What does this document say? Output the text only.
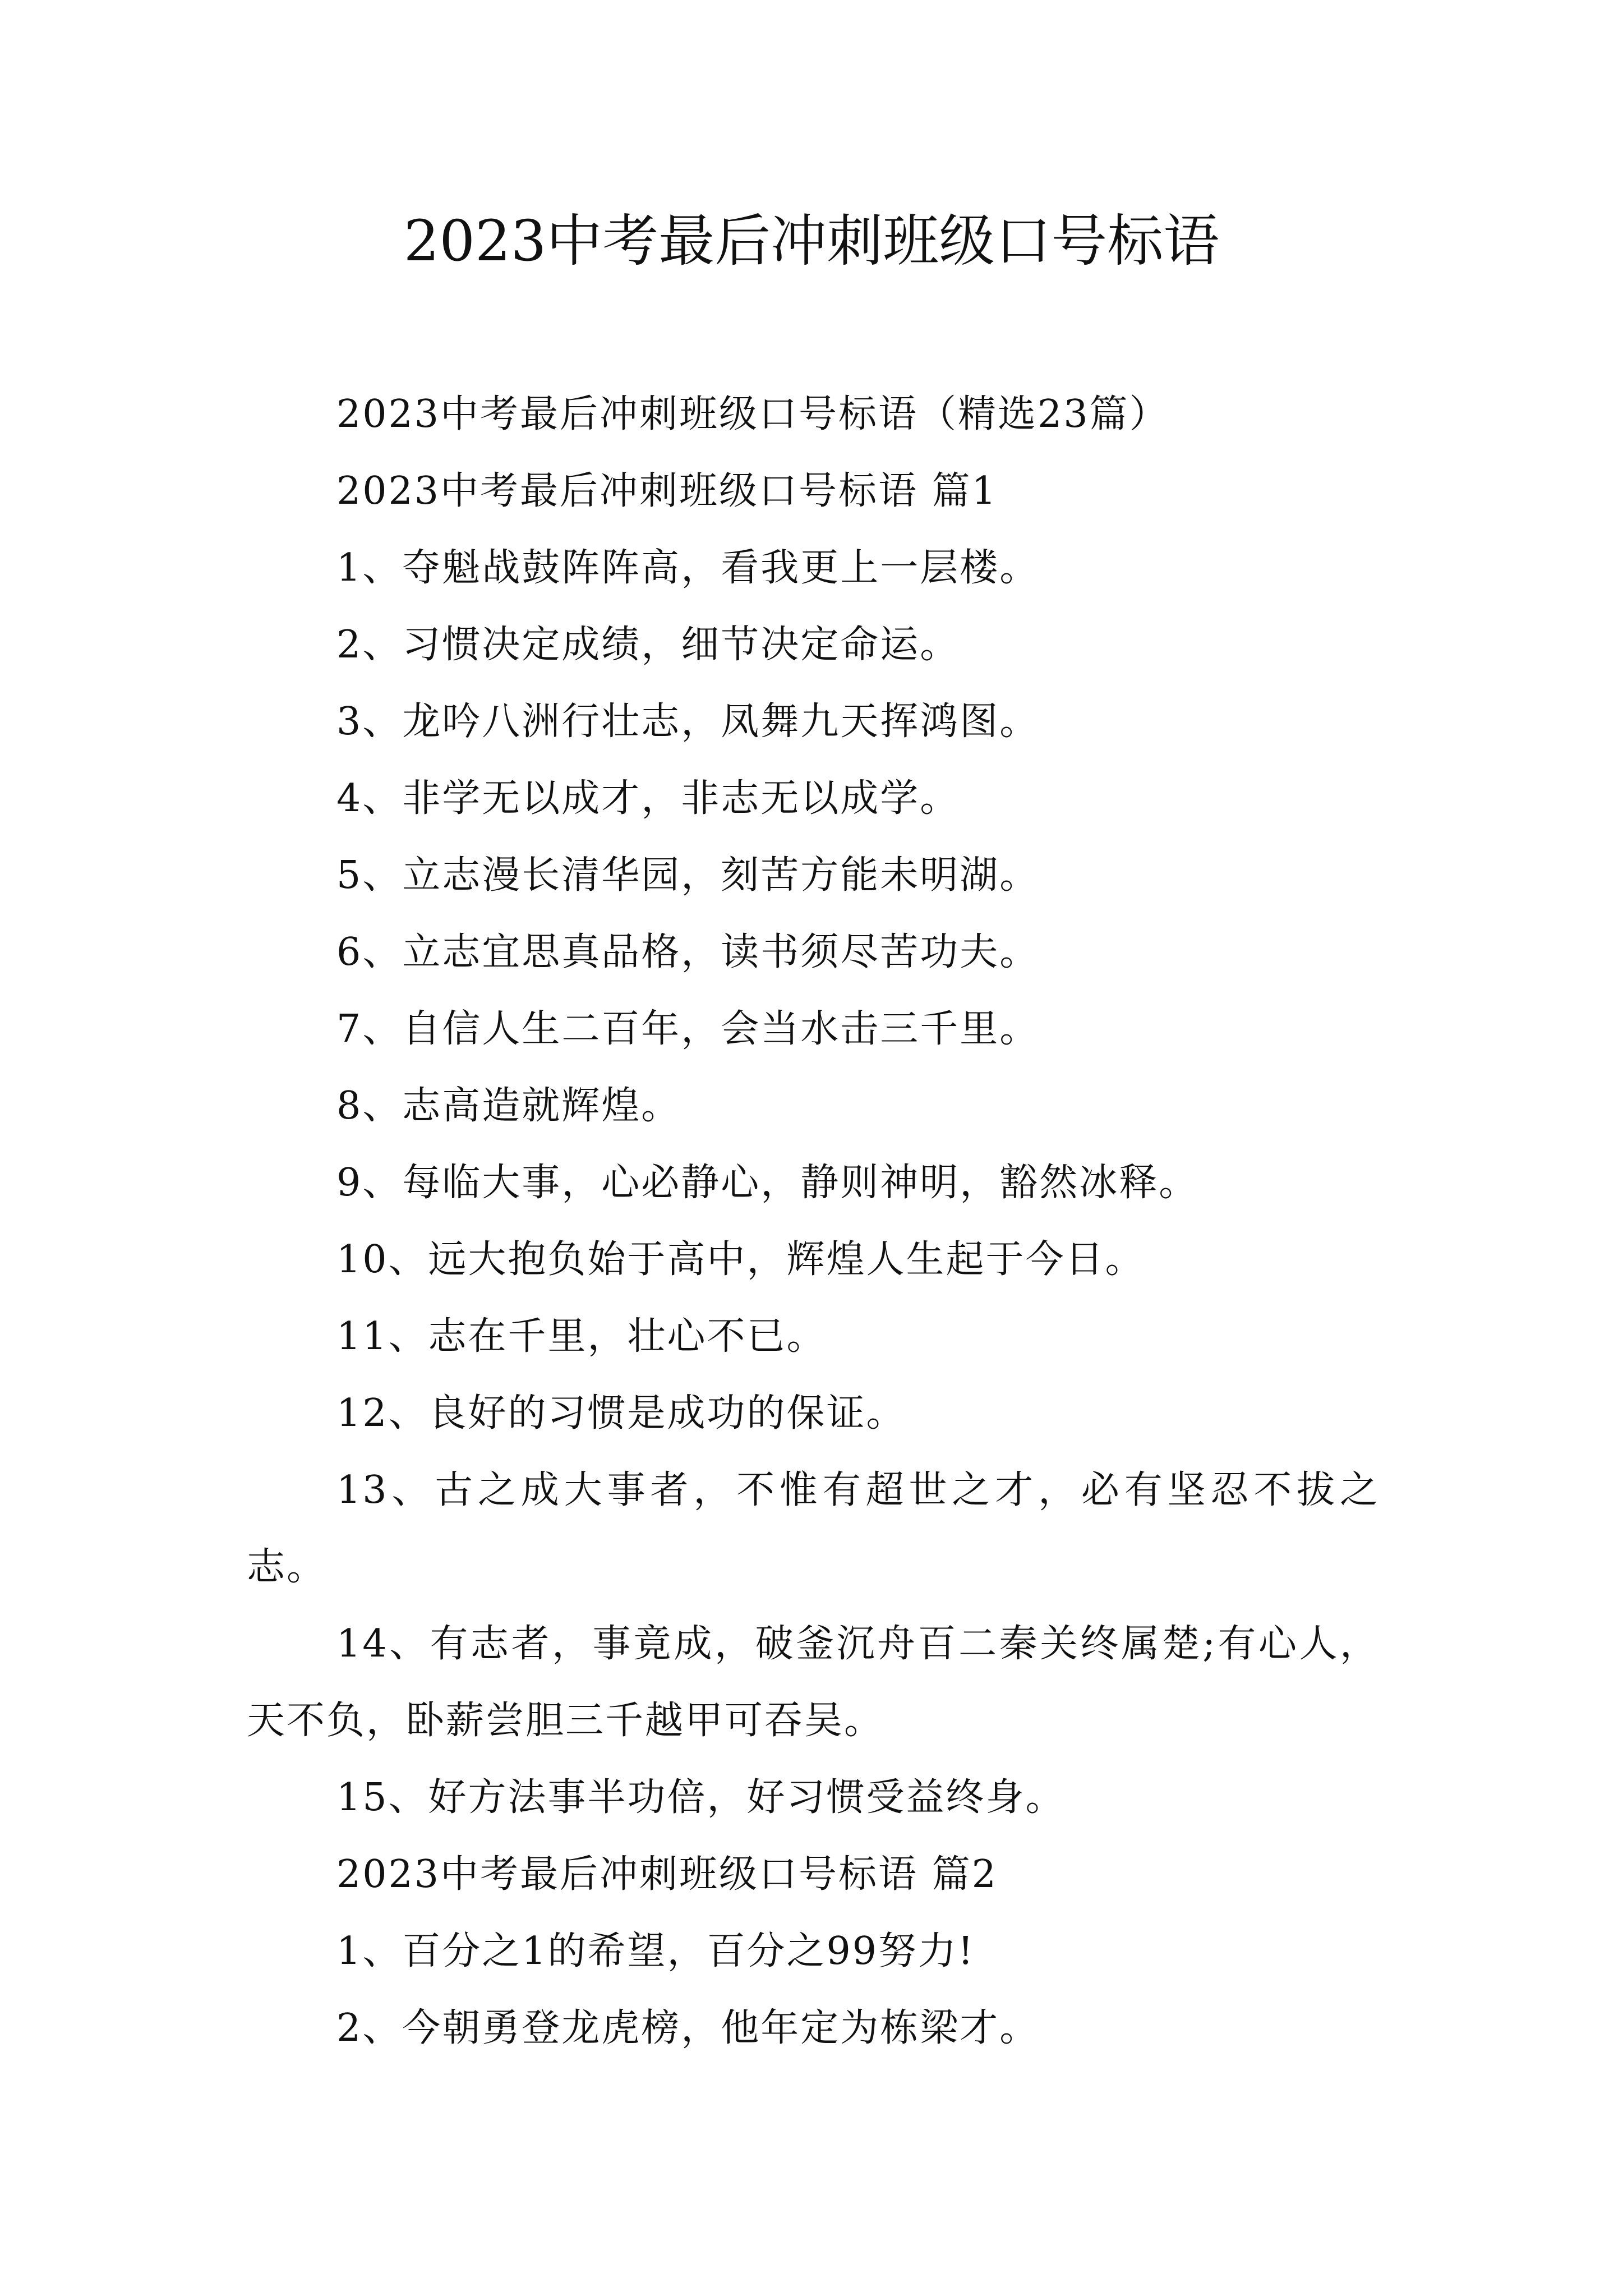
2023中考最后冲刺班级口号标语
2023中考最后冲刺班级口号标语（精选23篇）
2023中考最后冲刺班级口号标语 篇1
1、夺魁战鼓阵阵高，看我更上一层楼。
2、习惯决定成绩，细节决定命运。
3、龙吟八洲行壮志，凤舞九天挥鸿图。
4、非学无以成才，非志无以成学。
5、立志漫长清华园，刻苦方能未明湖。
6、立志宜思真品格，读书须尽苦功夫。
7、自信人生二百年，会当水击三千里。
8、志高造就辉煌。
9、每临大事，心必静心，静则神明，豁然冰释。
10、远大抱负始于高中，辉煌人生起于今日。
11、志在千里，壮心不已。
12、良好的习惯是成功的保证。
13、古之成大事者，不惟有超世之才，必有坚忍不拔之志。
14、有志者，事竟成，破釜沉舟百二秦关终属楚;有心人，天不负，卧薪尝胆三千越甲可吞吴。
15、好方法事半功倍，好习惯受益终身。
2023中考最后冲刺班级口号标语 篇2
1、百分之1的希望，百分之99努力!
2、今朝勇登龙虎榜，他年定为栋梁才。
